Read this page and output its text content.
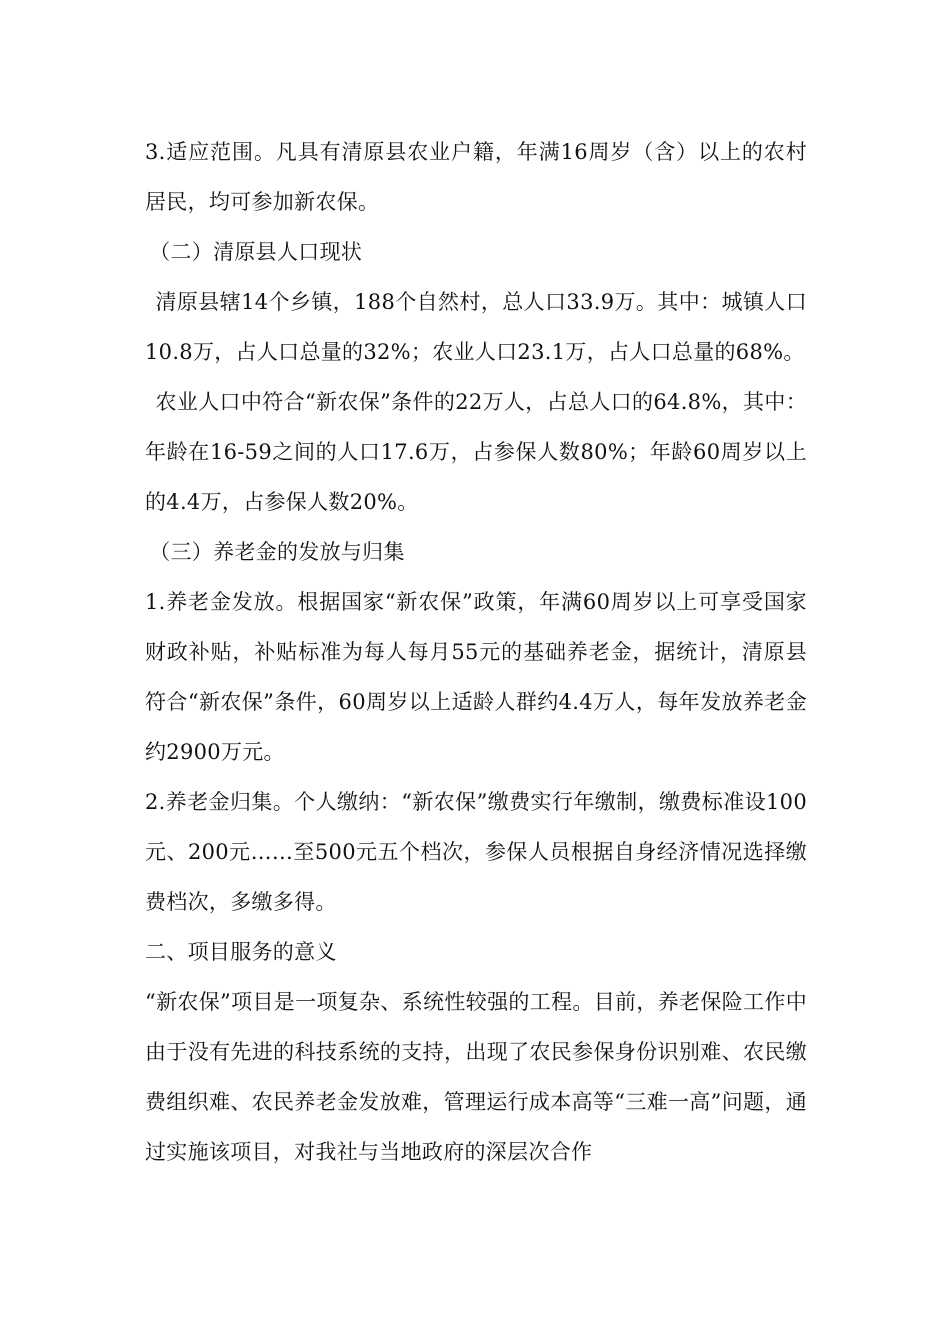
3.适应范围。凡具有清原县农业户籍，年满16周岁（含）以上的农村居民，均可参加新农保。

（二）清原县人口现状

清原县辖14个乡镇，188个自然村，总人口33.9万。其中：城镇人口10.8万，占人口总量的32%；农业人口23.1万，占人口总量的68%。

农业人口中符合“新农保”条件的22万人，占总人口的64.8%，其中：年龄在16-59之间的人口17.6万，占参保人数80%；年龄60周岁以上的4.4万，占参保人数20%。

（三）养老金的发放与归集

1.养老金发放。根据国家“新农保”政策，年满60周岁以上可享受国家财政补贴，补贴标准为每人每月55元的基础养老金，据统计，清原县符合“新农保”条件，60周岁以上适龄人群约4.4万人，每年发放养老金约2900万元。

2.养老金归集。个人缴纳：“新农保”缴费实行年缴制，缴费标准设100元、200元……至500元五个档次，参保人员根据自身经济情况选择缴费档次，多缴多得。

二、项目服务的意义

“新农保”项目是一项复杂、系统性较强的工程。目前，养老保险工作中由于没有先进的科技系统的支持，出现了农民参保身份识别难、农民缴费组织难、农民养老金发放难，管理运行成本高等“三难一高”问题，通过实施该项目，对我社与当地政府的深层次合作
